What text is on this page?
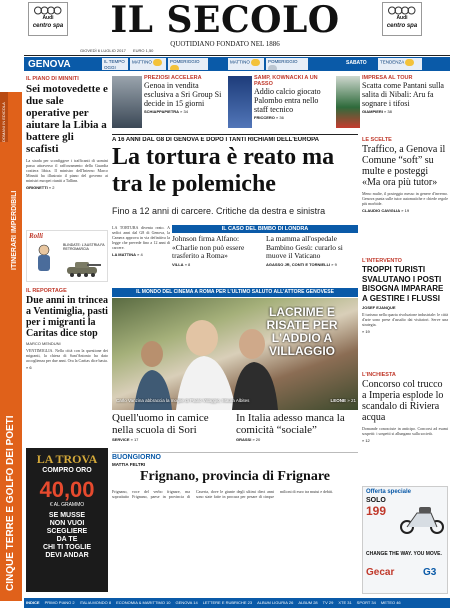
Audi
centro spa	IL SECOLO
QUOTIDIANO FONDATO NEL 1886
GIOVEDÌ 6 LUGLIO 2017 EURO 1,50
Audi
centro spa
GENOVA	IL TEMPO OGGI
MATTINO	POMERIGGIO	MATTINO	POMERIGGIO	SABATO	TENDENZA
PREZIOSI ACCELERA
Genoa in vendita esclusiva a Sri Group Si decide in 15 giorni
SCHIAPPAPIETRA » 34
SAMP, KOWNACKI A UN PASSO
Addio calcio giocato Palombo entra nello staff tecnico
FRICCERO » 36
IMPRESA AL TOUR
Scatta come Pantani sulla salita di Nibali: Aru fa sognare i tifosi
GIAMPIERI » 38
CINQUE TERRE E GOLFO DEI POETI
ITINERARI IMPERDIBILI
DOMANI IN EDICOLA
IL PIANO DI MINNITI
Sei motovedette e due sale operative per aiutare la Libia a battere gli scafisti
La strada per sconfiggere i trafficanti di uomini passa attraverso il rafforzamento della Guardia costiera libica. Il ministro dell'Interno Marco Minniti ha illustrato il piano del governo ai ministri europei riuniti a Tallinn.
GRIGNETTI » 2
Rolli
BLINDATE: L'AUSTRIA FA RETROMARCIA
IL REPORTAGE
Due anni in trincea a Ventimiglia, pasti per i migranti la Caritas dice stop
MARCO MENDUNI
VENTIMIGLIA. Nella città con la questione dei migranti, la chiesa di Sant'Antonio ha dato accoglienza per due anni. Ora la Caritas dice basta.
» 6
LA TROVA
COMPRO ORO
40,00
€ AL GRAMMO
SE MUSSE
NON VUOI
SCEGLIERE
DA TE
CHI TI TOGLIE
DEVI ANDAR
A 16 ANNI DAL G8 DI GENOVA E DOPO I TANTI RICHIAMI DELL'EUROPA
La tortura è reato ma tra le polemiche
Fino a 12 anni di carcere. Critiche da destra e sinistra
LA TORTURA diventa reato. A sedici anni dal G8 di Genova, la Camera approva in via definitiva la legge che prevede fino a 12 anni di carcere.
LA MATTINA » 4
IL CASO DEL BIMBO DI LONDRA
Johnson firma Alfano: «Charlie non può essere trasferito a Roma»
VILLA » 8
La mamma all'ospedale Bambino Gesù: curarlo si muove il Vaticano
AGASSO JR, CONTI E TORNIELLI » 9
IL MONDO DEL CINEMA A ROMA PER L'ULTIMO SALUTO ALL'ATTORE GENOVESE
LACRIME E RISATE PER L'ADDIO A VILLAGGIO
Carlo Vanzina abbraccia la moglie di Paolo Villaggio, Maura Albites	LEONE » 21
Quell'uomo in camice nella scuola di Sori
SERVICE » 17
In Italia adesso manca la comicità “sociale”
GRASSI » 20
BUONGIORNO
MATTIA FELTRI
Frignano, provincia di Frignare
Frignano, voce del verbo frignare, ma soprattutto Frignano, paese in provincia di Caserta, dove le giunte degli ultimi dieci anni sono state fatte in procura per pesare di cinque milioni di euro tra mutui e debiti.
LE SCELTE
Traffico, a Genova il Comune “soft” su multe e posteggi «Ma ora più tutor»
Meno multe, il posteggio messo in genere d'inverno. Genova punta sulle tutor automatiche e chiede regole più morbide.
CLAUDIO CAVIGLIA » 19
L'INTERVENTO
TROPPI TURISTI SVALUTANO I POSTI BISOGNA IMPARARE A GESTIRE I FLUSSI
JOSEF EJANQUE
Il turismo nella quarta rivoluzione industriale: le città d'arte sono prese d'assalto dai visitatori. Serve una strategia.
» 19
L'INCHIESTA
Concorso col trucco a Imperia esplode lo scandalo di Riviera acqua
Domande conosciute in anticipo. Concorsi ad esami sospetti: i sospetti si allungano sulla società.
» 12
Offerta speciale
SOLO
199
CHANGE THE WAY. YOU MOVE.
Gecar	G3
INDICE PRIMO PIANO 2 ITALIA MONDO 8 ECONOMIA & MARITTIMO 10 GENOVA 14 LETTERE E RUBRICHE 23 ALBUM LIGURIA 26 ALBUM 28 TV 29 XTE 31 SPORT 34 METEO 46
